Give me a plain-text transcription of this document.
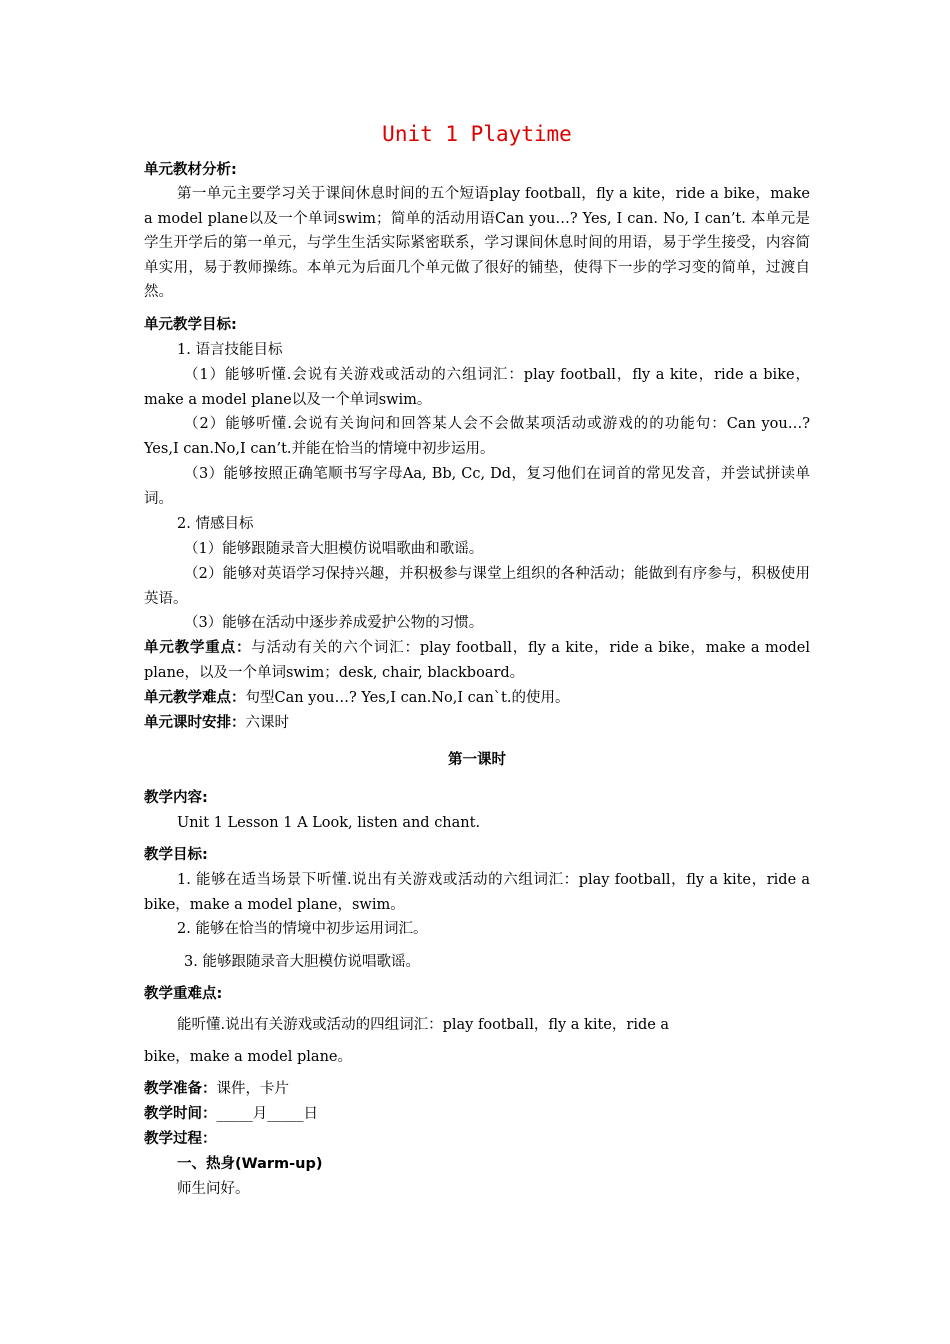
Unit 1 Playtime
单元教材分析:
第一单元主要学习关于课间休息时间的五个短语play football，fly a kite，ride a bike，make a model plane以及一个单词swim；简单的活动用语Can you…? Yes, I can. No, I can’t. 本单元是学生开学后的第一单元，与学生生活实际紧密联系，学习课间休息时间的用语，易于学生接受，内容简单实用，易于教师操练。本单元为后面几个单元做了很好的铺垫，使得下一步的学习变的简单，过渡自然。
单元教学目标:
1. 语言技能目标
（1）能够听懂.会说有关游戏或活动的六组词汇：play football，fly a kite，ride a bike，make a model plane以及一个单词swim。
（2）能够听懂.会说有关询问和回答某人会不会做某项活动或游戏的的功能句：Can you…? Yes,I can.No,I can’t.并能在恰当的情境中初步运用。
（3）能够按照正确笔顺书写字母Aa, Bb, Cc, Dd，复习他们在词首的常见发音，并尝试拼读单词。
2. 情感目标
（1）能够跟随录音大胆模仿说唱歌曲和歌谣。
（2）能够对英语学习保持兴趣，并积极参与课堂上组织的各种活动；能做到有序参与，积极使用英语。
（3）能够在活动中逐步养成爱护公物的习惯。
单元教学重点：与活动有关的六个词汇：play football，fly a kite，ride a bike，make a model plane，以及一个单词swim；desk, chair, blackboard。
单元教学难点：句型Can you…? Yes,I can.No,I can`t.的使用。
单元课时安排：六课时
第一课时
教学内容:
Unit 1 Lesson 1 A Look, listen and chant.
教学目标:
1. 能够在适当场景下听懂.说出有关游戏或活动的六组词汇：play football，fly a kite，ride a bike，make a model plane，swim。
2. 能够在恰当的情境中初步运用词汇。
3. 能够跟随录音大胆模仿说唱歌谣。
教学重难点:
能听懂.说出有关游戏或活动的四组词汇：play football，fly a kite，ride a
bike，make a model plane。
教学准备：课件，卡片
教学时间：_____月_____日
教学过程：
一、热身(Warm-up)
师生问好。
